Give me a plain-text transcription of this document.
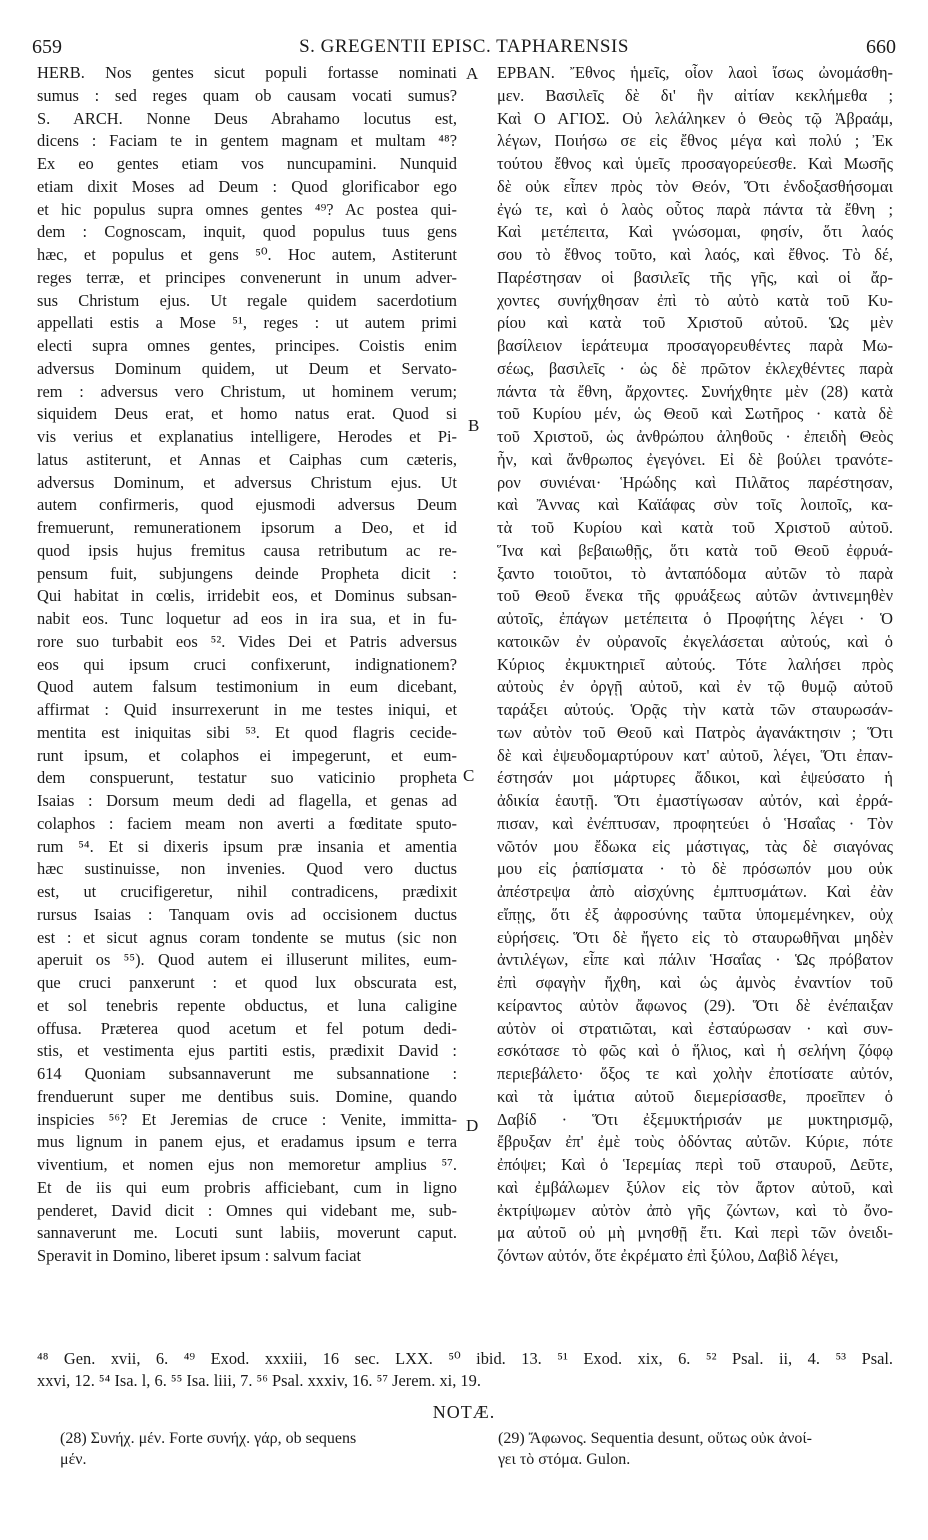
659	S. GREGENTII EPISC. TAPHARENSIS	660
HERB. Nos gentes sicut populi fortasse nominati
sumus : sed reges quam ob causam vocati sumus?
S. ARCH. Nonne Deus Abrahamo locutus est,
dicens : Faciam te in gentem magnam et multam ⁴⁸?
Ex eo gentes etiam vos nuncupamini. Nunquid
etiam dixit Moses ad Deum : Quod glorificabor ego
et hic populus supra omnes gentes ⁴⁹? Ac postea qui-
dem : Cognoscam, inquit, quod populus tuus gens
hæc, et populus et gens ⁵⁰. Hoc autem, Astiterunt
reges terræ, et principes convenerunt in unum adver-
sus Christum ejus. Ut regale quidem sacerdotium
appellati estis a Mose ⁵¹, reges : ut autem primi
electi supra omnes gentes, principes. Coistis enim
adversus Dominum quidem, ut Deum et Servato-
rem : adversus vero Christum, ut hominem verum;
siquidem Deus erat, et homo natus erat. Quod si
vis verius et explanatius intelligere, Herodes et Pi-
latus astiterunt, et Annas et Caiphas cum cæteris,
adversus Dominum, et adversus Christum ejus. Ut
autem confirmeris, quod ejusmodi adversus Deum
fremuerunt, remunerationem ipsorum a Deo, et id
quod ipsis hujus fremitus causa retributum ac re-
pensum fuit, subjungens deinde Propheta dicit :
Qui habitat in cœlis, irridebit eos, et Dominus subsan-
nabit eos. Tunc loquetur ad eos in ira sua, et in fu-
rore suo turbabit eos ⁵². Vides Dei et Patris adversus
eos qui ipsum cruci confixerunt, indignationem?
Quod autem falsum testimonium in eum dicebant,
affirmat : Quid insurrexerunt in me testes iniqui, et
mentita est iniquitas sibi ⁵³. Et quod flagris cecide-
runt ipsum, et colaphos ei impegerunt, et eum-
dem conspuerunt, testatur suo vaticinio propheta
Isaias : Dorsum meum dedi ad flagella, et genas ad
colaphos : faciem meam non averti a fœditate sputo-
rum ⁵⁴. Et si dixeris ipsum præ insania et amentia
hæc sustinuisse, non invenies. Quod vero ductus
est, ut crucifigeretur, nihil contradicens, prædixit
rursus Isaias : Tanquam ovis ad occisionem ductus
est : et sicut agnus coram tondente se mutus (sic non
aperuit os ⁵⁵). Quod autem ei illuserunt milites, eum-
que cruci panxerunt : et quod lux obscurata est,
et sol tenebris repente obductus, et luna caligine
offusa. Præterea quod acetum et fel potum dedi-
stis, et vestimenta ejus partiti estis, prædixit David :
614 Quoniam subsannaverunt me subsannatione :
frenduerunt super me dentibus suis. Domine, quando
inspicies ⁵⁶? Et Jeremias de cruce : Venite, immitta-
mus lignum in panem ejus, et eradamus ipsum e terra
viventium, et nomen ejus non memoretur amplius ⁵⁷.
Et de iis qui eum probris afficiebant, cum in ligno
penderet, David dicit : Omnes qui videbant me, sub-
sannaverunt me. Locuti sunt labiis, moverunt caput.
Speravit in Domino, liberet ipsum : salvum faciat
ΕΡΒΑΝ. Ἔθνος ἡμεῖς, οἷον λαοὶ ἴσως ὠνομάσθη-
μεν. Βασιλεῖς δὲ δι' ἣν αἰτίαν κεκλήμεθα ;
Καὶ Ο ΑΓΙΟΣ. Οὐ λελάληκεν ὁ Θεὸς τῷ Ἀβραάμ,
λέγων, Ποιήσω σε εἰς ἔθνος μέγα καὶ πολύ ; Ἐκ
τούτου ἔθνος καὶ ὑμεῖς προσαγορεύεσθε. Καὶ Μωσῆς
δὲ οὐκ εἶπεν πρὸς τὸν Θεόν, Ὅτι ἐνδοξασθήσομαι
ἐγώ τε, καὶ ὁ λαὸς οὗτος παρὰ πάντα τὰ ἔθνη ;
Καὶ μετέπειτα, Καὶ γνώσομαι, φησίν, ὅτι λαός
σου τὸ ἔθνος τοῦτο, καὶ λαός, καὶ ἔθνος. Τὸ δέ,
Παρέστησαν οἱ βασιλεῖς τῆς γῆς, καὶ οἱ ἄρ-
χοντες συνήχθησαν ἐπὶ τὸ αὐτὸ κατὰ τοῦ Κυ-
ρίου καὶ κατὰ τοῦ Χριστοῦ αὐτοῦ. Ὡς μὲν
βασίλειον ἱεράτευμα προσαγορευθέντες παρὰ Μω-
σέως, βασιλεῖς · ὡς δὲ πρῶτον ἐκλεχθέντες παρὰ
πάντα τὰ ἔθνη, ἄρχοντες. Συνήχθητε μὲν (28) κατὰ
τοῦ Κυρίου μέν, ὡς Θεοῦ καὶ Σωτῆρος · κατὰ δὲ
τοῦ Χριστοῦ, ὡς ἀνθρώπου ἀληθοῦς · ἐπειδὴ Θεὸς
ἦν, καὶ ἄνθρωπος ἐγεγόνει. Εἰ δὲ βούλει τρανότε-
ρον συνιέναι· Ἡρώδης καὶ Πιλᾶτος παρέστησαν,
καὶ Ἄννας καὶ Καϊάφας σὺν τοῖς λοιποῖς, κα-
τὰ τοῦ Κυρίου καὶ κατὰ τοῦ Χριστοῦ αὐτοῦ.
Ἵνα καὶ βεβαιωθῇς, ὅτι κατὰ τοῦ Θεοῦ ἐφρυά-
ξαντο τοιοῦτοι, τὸ ἀνταπόδομα αὐτῶν τὸ παρὰ
τοῦ Θεοῦ ἕνεκα τῆς φρυάξεως αὐτῶν ἀντινεμηθὲν
αὐτοῖς, ἐπάγων μετέπειτα ὁ Προφήτης λέγει · Ὁ
κατοικῶν ἐν οὐρανοῖς ἐκγελάσεται αὐτούς, καὶ ὁ
Κύριος ἐκμυκτηριεῖ αὐτούς. Τότε λαλήσει πρὸς
αὐτοὺς ἐν ὀργῇ αὐτοῦ, καὶ ἐν τῷ θυμῷ αὐτοῦ
ταράξει αὐτούς. Ὁρᾷς τὴν κατὰ τῶν σταυρωσάν-
των αὐτὸν τοῦ Θεοῦ καὶ Πατρὸς ἀγανάκτησιν ; Ὅτι
δὲ καὶ ἐψευδομαρτύρουν κατ' αὐτοῦ, λέγει, Ὅτι ἐπαν-
έστησάν μοι μάρτυρες ἄδικοι, καὶ ἐψεύσατο ἡ
ἀδικία ἑαυτῇ. Ὅτι ἐμαστίγωσαν αὐτόν, καὶ ἐρρά-
πισαν, καὶ ἐνέπτυσαν, προφητεύει ὁ Ἡσαΐας · Τὸν
νῶτόν μου ἔδωκα εἰς μάστιγας, τὰς δὲ σιαγόνας
μου εἰς ῥαπίσματα · τὸ δὲ πρόσωπόν μου οὐκ
ἀπέστρεψα ἀπὸ αἰσχύνης ἐμπτυσμάτων. Καὶ ἐὰν
εἴπῃς, ὅτι ἐξ ἀφροσύνης ταῦτα ὑπομεμένηκεν, οὐχ
εὑρήσεις. Ὅτι δὲ ἤγετο εἰς τὸ σταυρωθῆναι μηδὲν
ἀντιλέγων, εἶπε καὶ πάλιν Ἡσαΐας · Ὡς πρόβατον
ἐπὶ σφαγὴν ἤχθη, καὶ ὡς ἀμνὸς ἐναντίον τοῦ
κείραντος αὐτὸν ἄφωνος (29). Ὅτι δὲ ἐνέπαιξαν
αὐτὸν οἱ στρατιῶται, καὶ ἐσταύρωσαν · καὶ συν-
εσκότασε τὸ φῶς καὶ ὁ ἥλιος, καὶ ἡ σελήνη ζόφῳ
περιεβάλετο· ὅξος τε καὶ χολὴν ἐποτίσατε αὐτόν,
καὶ τὰ ἱμάτια αὐτοῦ διεμερίσασθε, προεῖπεν ὁ
Δαβίδ · Ὅτι ἐξεμυκτήρισάν με μυκτηρισμῷ,
ἔβρυξαν ἐπ' ἐμὲ τοὺς ὀδόντας αὐτῶν. Κύριε, πότε
ἐπόψει; Καὶ ὁ Ἱερεμίας περὶ τοῦ σταυροῦ, Δεῦτε,
καὶ ἐμβάλωμεν ξύλον εἰς τὸν ἄρτον αὐτοῦ, καὶ
ἐκτρίψωμεν αὐτὸν ἀπὸ γῆς ζώντων, καὶ τὸ ὄνο-
μα αὐτοῦ οὐ μὴ μνησθῇ ἔτι. Καὶ περὶ τῶν ὀνειδι-
ζόντων αὐτόν, ὅτε ἐκρέματο ἐπὶ ξύλου, Δαβὶδ λέγει,
A
B
C
D
⁴⁸ Gen. xvii, 6. ⁴⁹ Exod. xxxiii, 16 sec. LXX. ⁵⁰ ibid. 13. ⁵¹ Exod. xix, 6. ⁵² Psal. ii, 4. ⁵³ Psal.
xxvi, 12. ⁵⁴ Isa. l, 6. ⁵⁵ Isa. liii, 7. ⁵⁶ Psal. xxxiv, 16. ⁵⁷ Jerem. xi, 19.
NOTÆ.
(28) Συνήχ. μέν. Forte συνήχ. γάρ, ob sequens
μέν.
(29) Ἄφωνος. Sequentia desunt, οὕτως οὐκ ἀνοί-
γει τὸ στόμα. Gulon.
